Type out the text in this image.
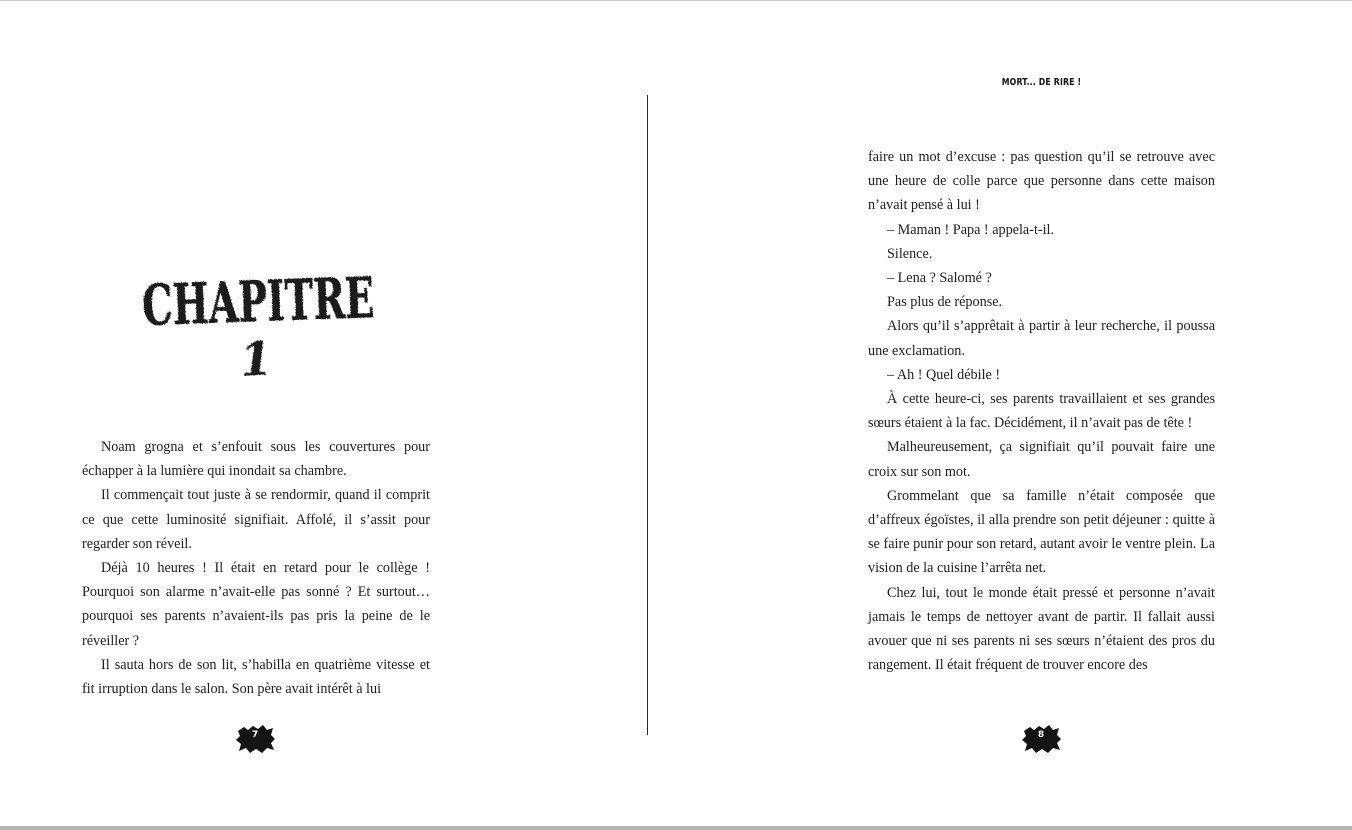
MORT... DE RIRE !
CHAPITRE
1

Noam grogna et s’enfouit sous les couvertures pour échapper à la lumière qui inondait sa chambre.

Il commençait tout juste à se rendormir, quand il comprit ce que cette luminosité signifiait. Affolé, il s’assit pour regarder son réveil.

Déjà 10 heures ! Il était en retard pour le collège ! Pourquoi son alarme n’avait-elle pas sonné ? Et surtout… pourquoi ses parents n’avaient-ils pas pris la peine de le réveiller ?

Il sauta hors de son lit, s’habilla en quatrième vitesse et fit irruption dans le salon. Son père avait intérêt à lui

7

faire un mot d’excuse : pas question qu’il se retrouve avec une heure de colle parce que personne dans cette maison n’avait pensé à lui !

– Maman ! Papa ! appela-t-il.

Silence.

– Lena ? Salomé ?

Pas plus de réponse.

Alors qu’il s’apprêtait à partir à leur recherche, il poussa une exclamation.

– Ah ! Quel débile !

À cette heure-ci, ses parents travaillaient et ses grandes sœurs étaient à la fac. Décidément, il n’avait pas de tête !

Malheureusement, ça signifiait qu’il pouvait faire une croix sur son mot.

Grommelant que sa famille n’était composée que d’affreux égoïstes, il alla prendre son petit déjeuner : quitte à se faire punir pour son retard, autant avoir le ventre plein. La vision de la cuisine l’arrêta net.

Chez lui, tout le monde était pressé et personne n’avait jamais le temps de nettoyer avant de partir. Il fallait aussi avouer que ni ses parents ni ses sœurs n’étaient des pros du rangement. Il était fréquent de trouver encore des

8
